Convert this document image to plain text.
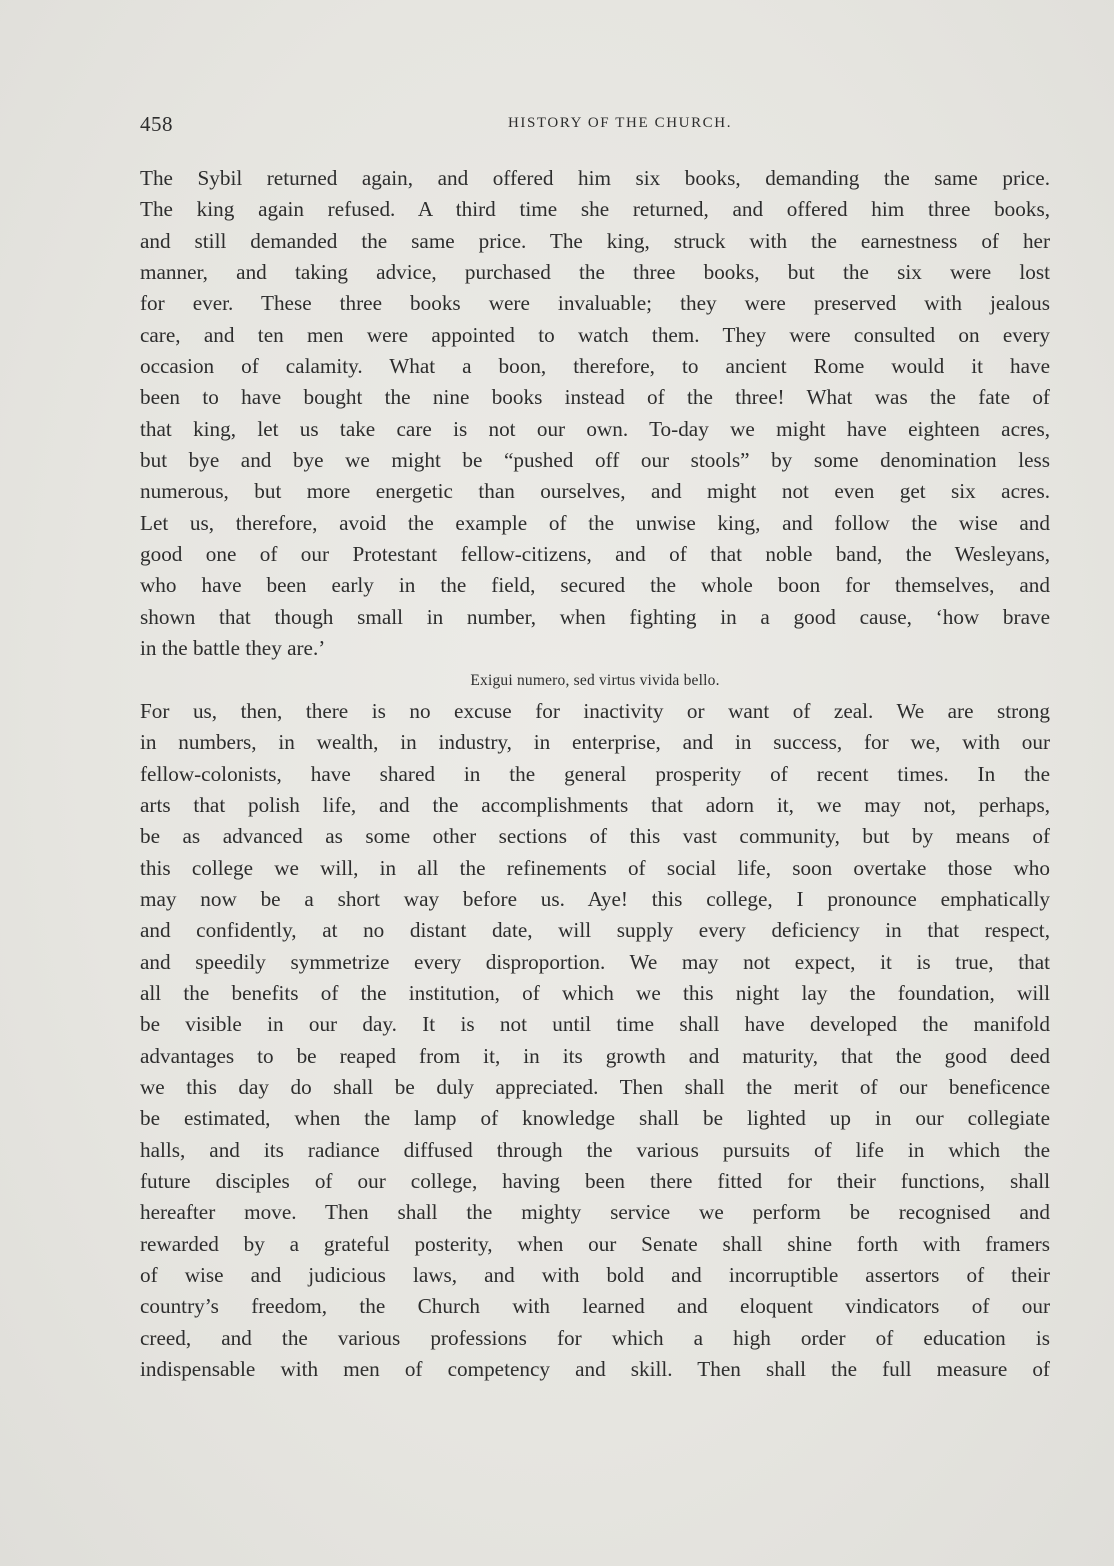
458	HISTORY OF THE CHURCH.
The Sybil returned again, and offered him six books, demanding the same price.
The king again refused. A third time she returned, and offered him three books,
and still demanded the same price. The king, struck with the earnestness of her
manner, and taking advice, purchased the three books, but the six were lost
for ever. These three books were invaluable; they were preserved with jealous
care, and ten men were appointed to watch them. They were consulted on every
occasion of calamity. What a boon, therefore, to ancient Rome would it have
been to have bought the nine books instead of the three! What was the fate of
that king, let us take care is not our own. To-day we might have eighteen acres,
but bye and bye we might be “pushed off our stools” by some denomination less
numerous, but more energetic than ourselves, and might not even get six acres.
Let us, therefore, avoid the example of the unwise king, and follow the wise and
good one of our Protestant fellow-citizens, and of that noble band, the Wesleyans,
who have been early in the field, secured the whole boon for themselves, and
shown that though small in number, when fighting in a good cause, ‘how brave
in the battle they are.’
Exigui numero, sed virtus vivida bello.
For us, then, there is no excuse for inactivity or want of zeal. We are strong
in numbers, in wealth, in industry, in enterprise, and in success, for we, with our
fellow-colonists, have shared in the general prosperity of recent times. In the
arts that polish life, and the accomplishments that adorn it, we may not, perhaps,
be as advanced as some other sections of this vast community, but by means of
this college we will, in all the refinements of social life, soon overtake those who
may now be a short way before us. Aye! this college, I pronounce emphatically
and confidently, at no distant date, will supply every deficiency in that respect,
and speedily symmetrize every disproportion. We may not expect, it is true, that
all the benefits of the institution, of which we this night lay the foundation, will
be visible in our day. It is not until time shall have developed the manifold
advantages to be reaped from it, in its growth and maturity, that the good deed
we this day do shall be duly appreciated. Then shall the merit of our beneficence
be estimated, when the lamp of knowledge shall be lighted up in our collegiate
halls, and its radiance diffused through the various pursuits of life in which the
future disciples of our college, having been there fitted for their functions, shall
hereafter move. Then shall the mighty service we perform be recognised and
rewarded by a grateful posterity, when our Senate shall shine forth with framers
of wise and judicious laws, and with bold and incorruptible assertors of their
country’s freedom, the Church with learned and eloquent vindicators of our
creed, and the various professions for which a high order of education is
indispensable with men of competency and skill. Then shall the full measure of
